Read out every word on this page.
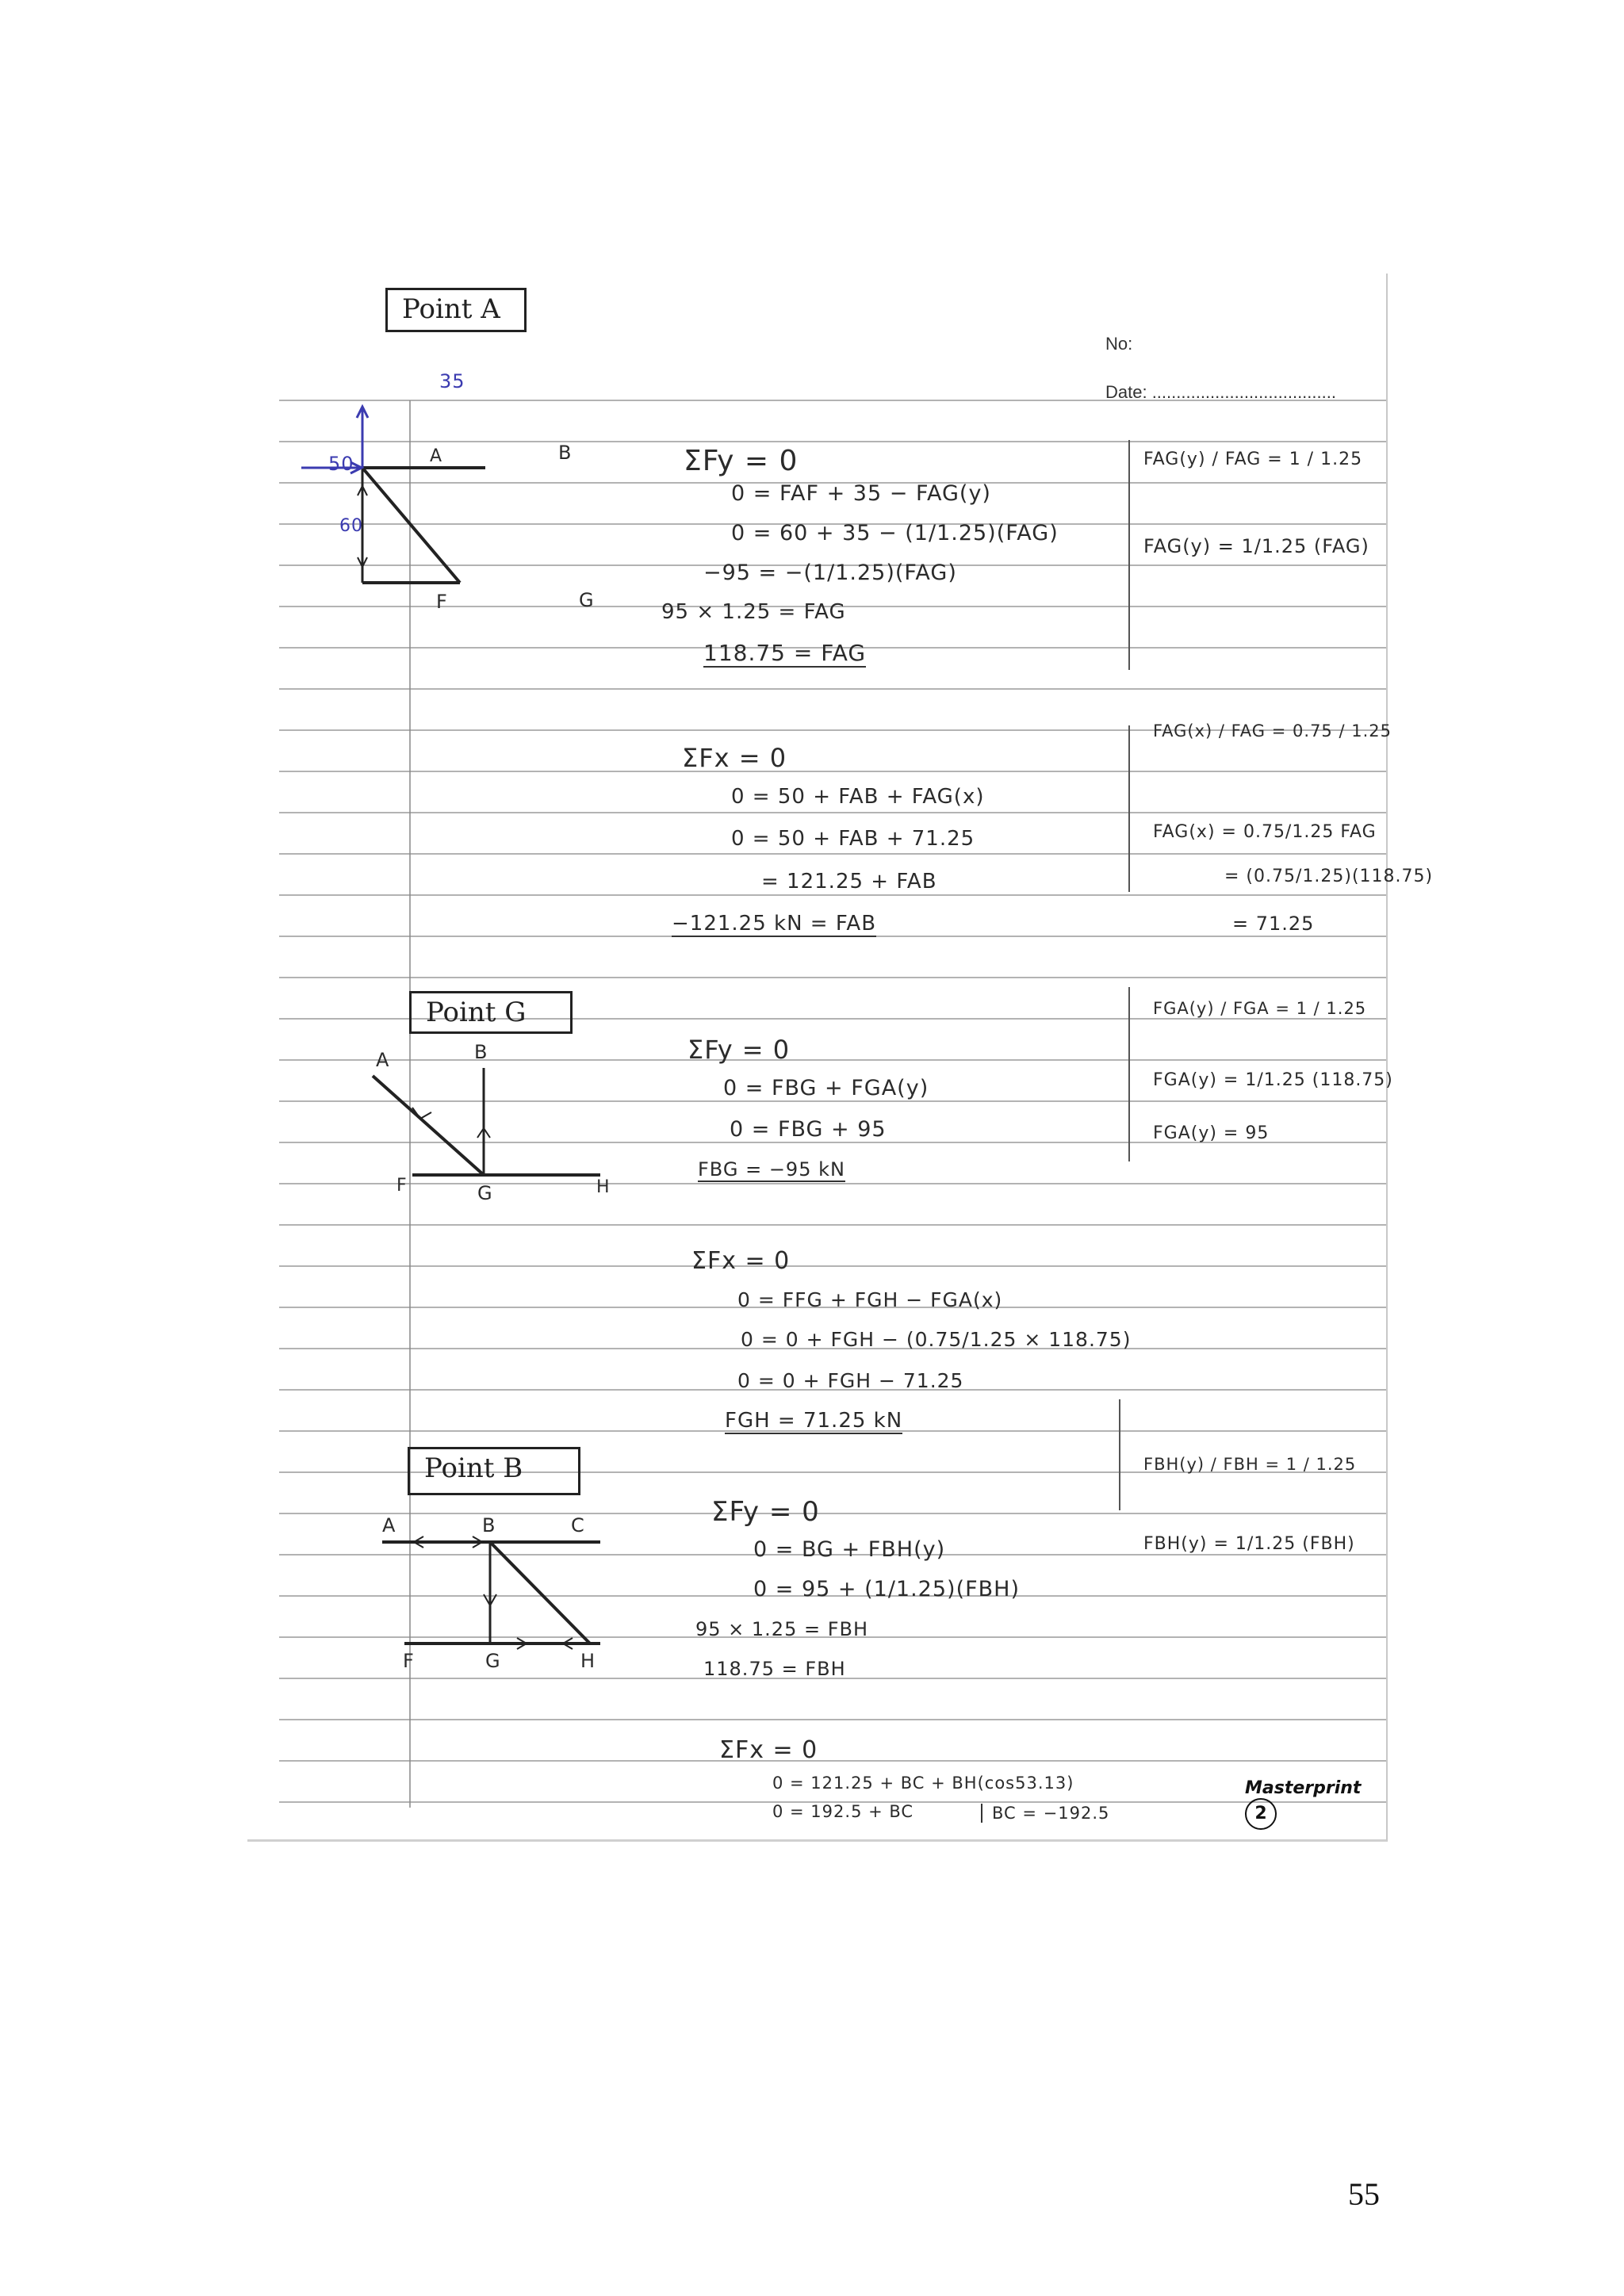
No:
Date: ......................................
Point A
35
50
60
A	B
F	G
ΣFy = 0
0 = FAF + 35 − FAG(y)
0 = 60 + 35 − (1/1.25)(FAG)
−95 = −(1/1.25)(FAG)
95 × 1.25 = FAG
118.75 = FAG
FAG(y) / FAG = 1 / 1.25
FAG(y) = 1/1.25 (FAG)
ΣFx = 0
0 = 50 + FAB + FAG(x)
0 = 50 + FAB + 71.25
= 121.25 + FAB
−121.25 kN = FAB
FAG(x) / FAG = 0.75 / 1.25
FAG(x) = 0.75/1.25 FAG
= (0.75/1.25)(118.75)
= 71.25
Point G
A	B
F	G	H
ΣFy = 0
0 = FBG + FGA(y)
0 = FBG + 95
FBG = −95 kN
FGA(y) / FGA = 1 / 1.25
FGA(y) = 1/1.25 (118.75)
FGA(y) = 95
ΣFx = 0
0 = FFG + FGH − FGA(x)
0 = 0 + FGH − (0.75/1.25 × 118.75)
0 = 0 + FGH − 71.25
FGH = 71.25 kN
Point B
A	B	C
F	G	H
ΣFy = 0
0 = BG + FBH(y)
0 = 95 + (1/1.25)(FBH)
95 × 1.25 = FBH
118.75 = FBH
FBH(y) / FBH = 1 / 1.25
FBH(y) = 1/1.25 (FBH)
ΣFx = 0
0 = 121.25 + BC + BH(cos53.13)
0 = 192.5 + BC	BC = −192.5
Masterprint 2
55
